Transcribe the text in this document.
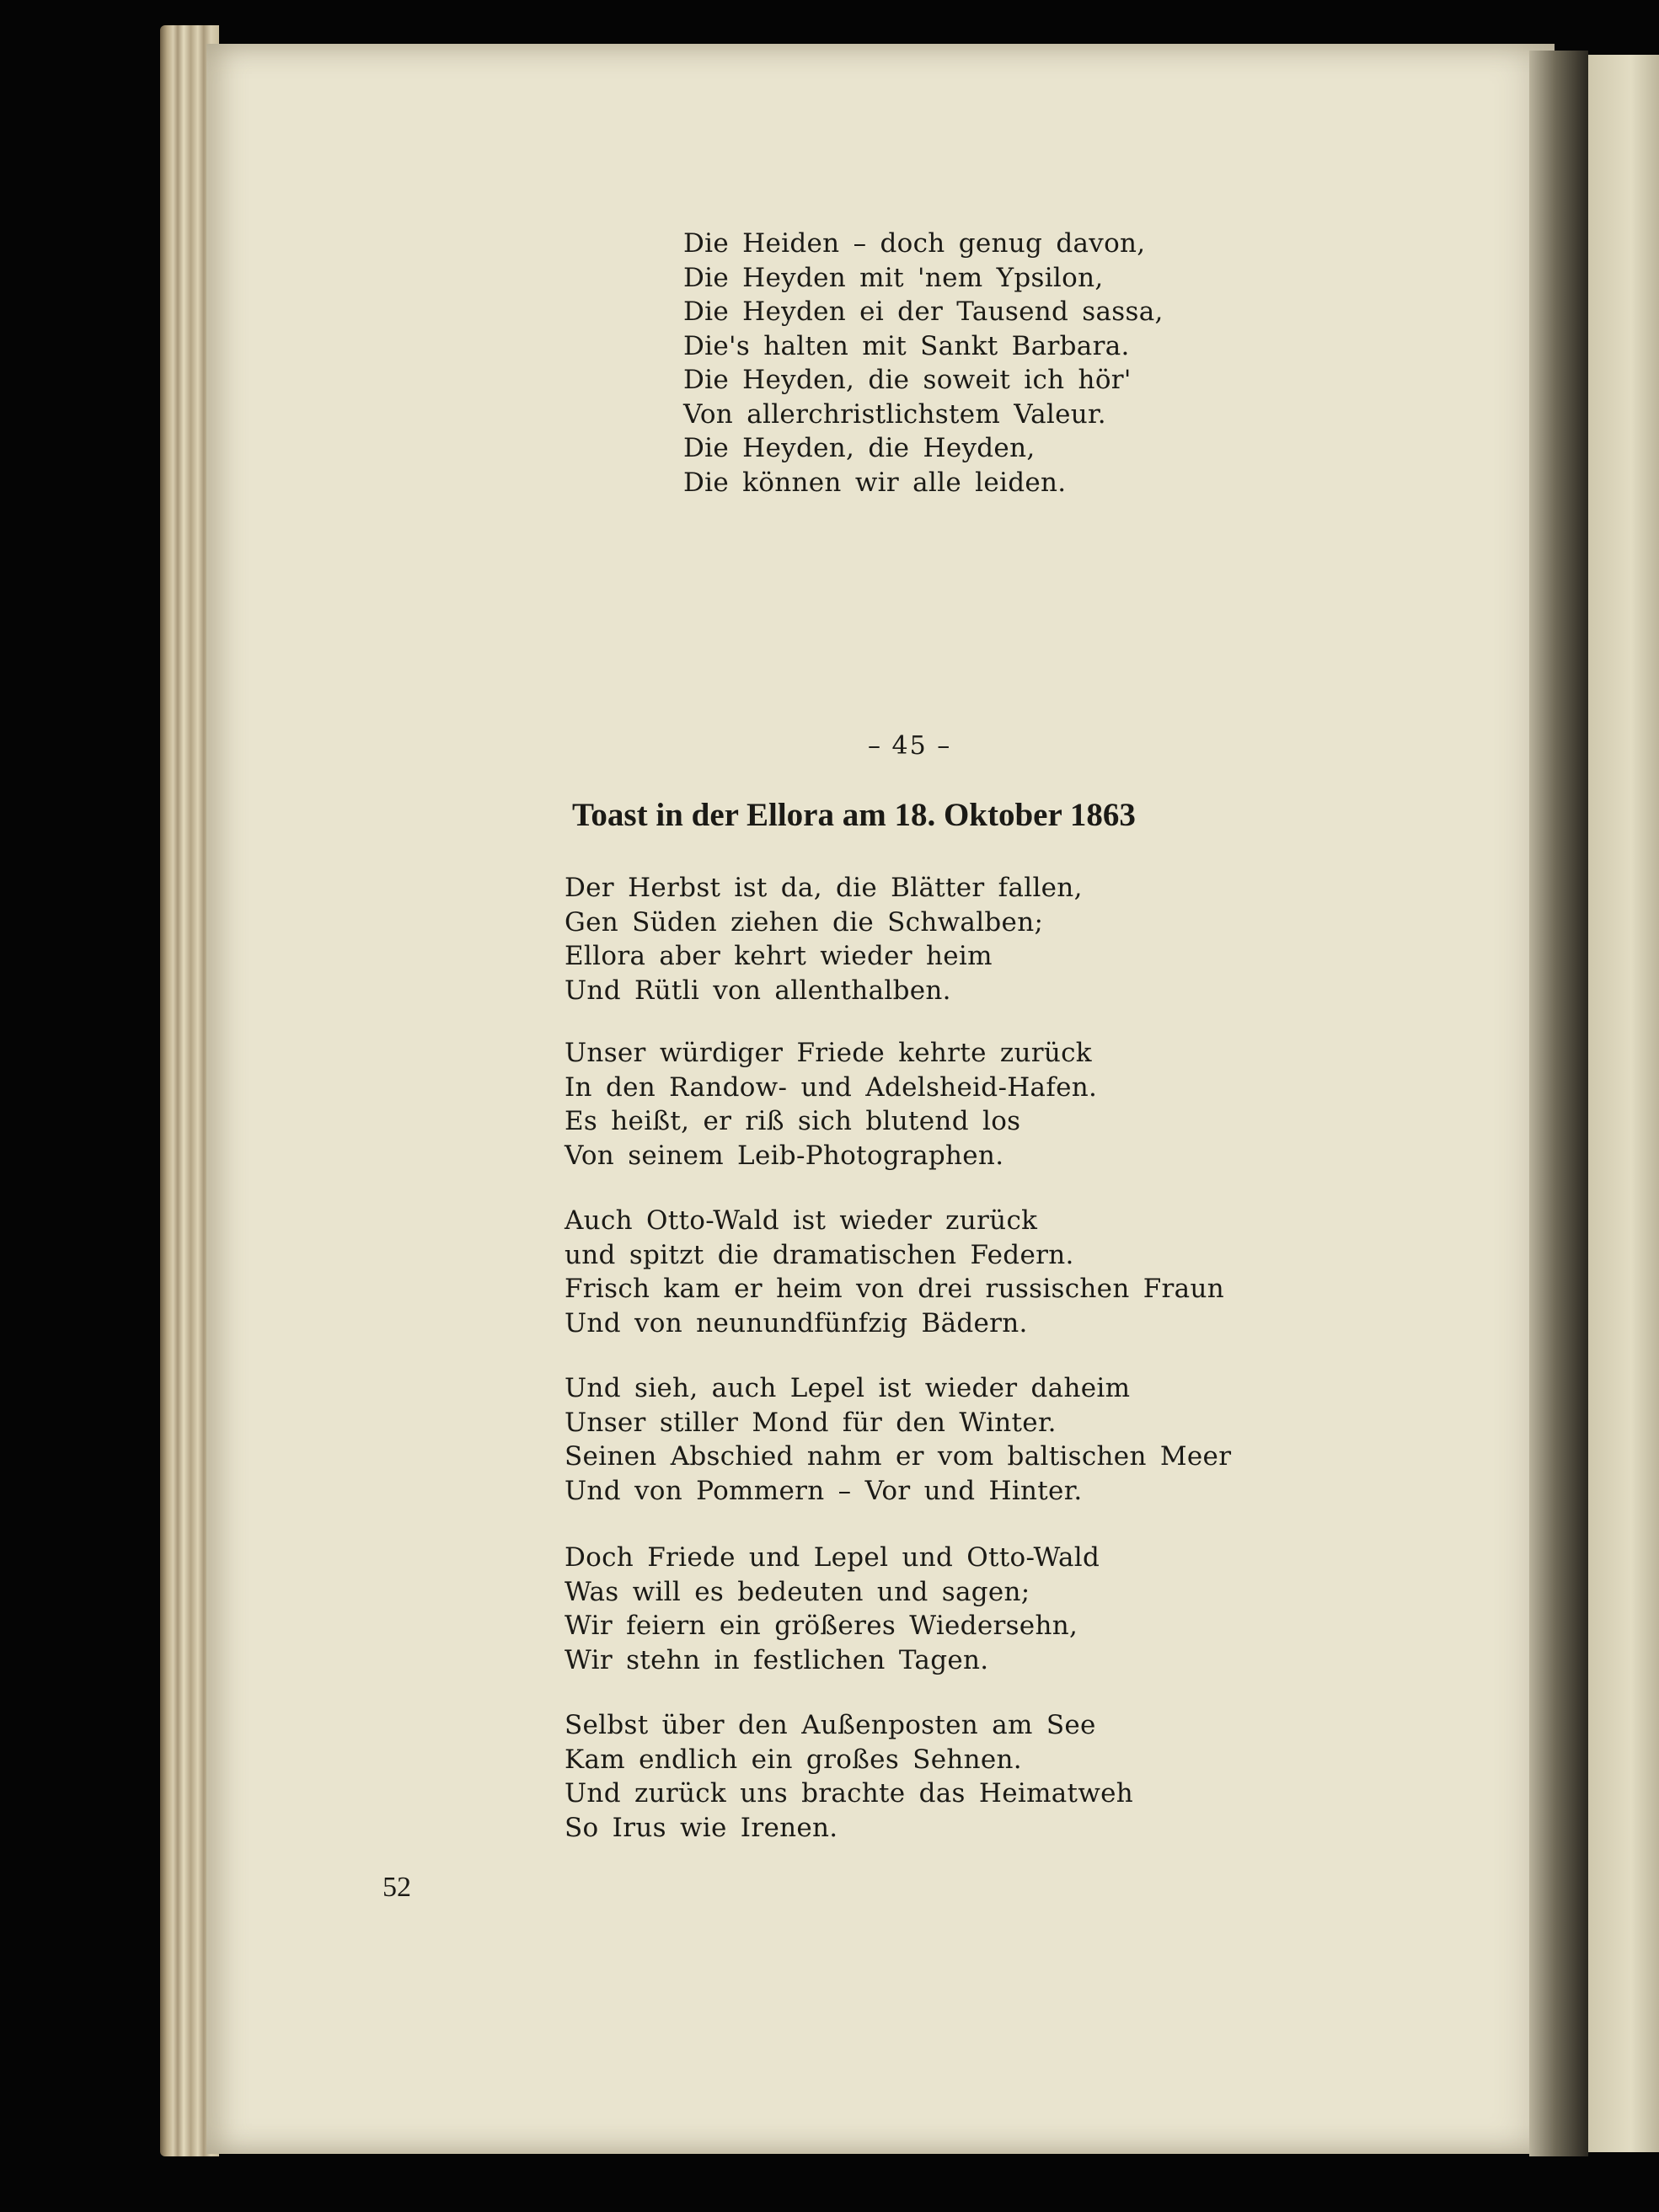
Die Heiden – doch genug davon,
Die Heyden mit 'nem Ypsilon,
Die Heyden ei der Tausend sassa,
Die's halten mit Sankt Barbara.
Die Heyden, die soweit ich hör'
Von allerchristlichstem Valeur.
Die Heyden, die Heyden,
Die können wir alle leiden.
– 45 –
Toast in der Ellora am 18. Oktober 1863
Der Herbst ist da, die Blätter fallen,
Gen Süden ziehen die Schwalben;
Ellora aber kehrt wieder heim
Und Rütli von allenthalben.
Unser würdiger Friede kehrte zurück
In den Randow- und Adelsheid-Hafen.
Es heißt, er riß sich blutend los
Von seinem Leib-Photographen.
Auch Otto-Wald ist wieder zurück
und spitzt die dramatischen Federn.
Frisch kam er heim von drei russischen Fraun
Und von neunundfünfzig Bädern.
Und sieh, auch Lepel ist wieder daheim
Unser stiller Mond für den Winter.
Seinen Abschied nahm er vom baltischen Meer
Und von Pommern – Vor und Hinter.
Doch Friede und Lepel und Otto-Wald
Was will es bedeuten und sagen;
Wir feiern ein größeres Wiedersehn,
Wir stehn in festlichen Tagen.
Selbst über den Außenposten am See
Kam endlich ein großes Sehnen.
Und zurück uns brachte das Heimatweh
So Irus wie Irenen.
52
